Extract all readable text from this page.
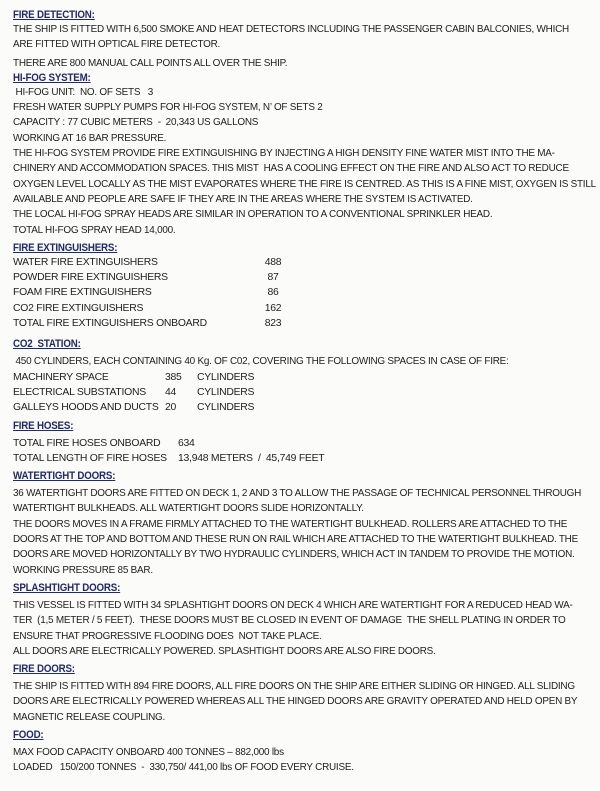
FIRE DETECTION:

THE SHIP IS FITTED WITH 6,500 SMOKE AND HEAT DETECTORS INCLUDING THE PASSENGER CABIN BALCONIES, WHICH

ARE FITTED WITH OPTICAL FIRE DETECTOR.

THERE ARE 800 MANUAL CALL POINTS ALL OVER THE SHIP.

HI-FOG SYSTEM:

HI-FOG UNIT:  NO. OF SETS   3

FRESH WATER SUPPLY PUMPS FOR HI-FOG SYSTEM, N’ OF SETS 2

CAPACITY : 77 CUBIC METERS  -  20,343 US GALLONS

WORKING AT 16 BAR PRESSURE.

THE HI-FOG SYSTEM PROVIDE FIRE EXTINGUISHING BY INJECTING A HIGH DENSITY FINE WATER MIST INTO THE MA-

CHINERY AND ACCOMMODATION SPACES. THIS MIST  HAS A COOLING EFFECT ON THE FIRE AND ALSO ACT TO REDUCE

OXYGEN LEVEL LOCALLY AS THE MIST EVAPORATES WHERE THE FIRE IS CENTRED. AS THIS IS A FINE MIST, OXYGEN IS STILL

AVAILABLE AND PEOPLE ARE SAFE IF THEY ARE IN THE AREAS WHERE THE SYSTEM IS ACTIVATED.

THE LOCAL HI-FOG SPRAY HEADS ARE SIMILAR IN OPERATION TO A CONVENTIONAL SPRINKLER HEAD.

TOTAL HI-FOG SPRAY HEAD 14,000.

FIRE EXTINGUISHERS:

WATER FIRE EXTINGUISHERS	488
POWDER FIRE EXTINGUISHERS	87
FOAM FIRE EXTINGUISHERS	86
CO2 FIRE EXTINGUISHERS	162
TOTAL FIRE EXTINGUISHERS ONBOARD	823

CO2  STATION:

450 CYLINDERS, EACH CONTAINING 40 Kg. OF C02, COVERING THE FOLLOWING SPACES IN CASE OF FIRE:

MACHINERY SPACE	385	CYLINDERS
ELECTRICAL SUBSTATIONS	44	CYLINDERS
GALLEYS HOODS AND DUCTS 20	CYLINDERS

FIRE HOSES:

TOTAL FIRE HOSES ONBOARD	634
TOTAL LENGTH OF FIRE HOSES	13,948 METERS  /  45,749 FEET

WATERTIGHT DOORS:

36 WATERTIGHT DOORS ARE FITTED ON DECK 1, 2 AND 3 TO ALLOW THE PASSAGE OF TECHNICAL PERSONNEL THROUGH

WATERTIGHT BULKHEADS. ALL WATERTIGHT DOORS SLIDE HORIZONTALLY.

THE DOORS MOVES IN A FRAME FIRMLY ATTACHED TO THE WATERTIGHT BULKHEAD. ROLLERS ARE ATTACHED TO THE

DOORS AT THE TOP AND BOTTOM AND THESE RUN ON RAIL WHICH ARE ATTACHED TO THE WATERTIGHT BULKHEAD. THE

DOORS ARE MOVED HORIZONTALLY BY TWO HYDRAULIC CYLINDERS, WHICH ACT IN TANDEM TO PROVIDE THE MOTION.

WORKING PRESSURE 85 BAR.

SPLASHTIGHT DOORS:

THIS VESSEL IS FITTED WITH 34 SPLASHTIGHT DOORS ON DECK 4 WHICH ARE WATERTIGHT FOR A REDUCED HEAD WA-

TER  (1,5 METER / 5 FEET).  THESE DOORS MUST BE CLOSED IN EVENT OF DAMAGE  THE SHELL PLATING IN ORDER TO

ENSURE THAT PROGRESSIVE FLOODING DOES  NOT TAKE PLACE.

ALL DOORS ARE ELECTRICALLY POWERED. SPLASHTIGHT DOORS ARE ALSO FIRE DOORS.

FIRE DOORS:

THE SHIP IS FITTED WITH 894 FIRE DOORS, ALL FIRE DOORS ON THE SHIP ARE EITHER SLIDING OR HINGED. ALL SLIDING

DOORS ARE ELECTRICALLY POWERED WHEREAS ALL THE HINGED DOORS ARE GRAVITY OPERATED AND HELD OPEN BY

MAGNETIC RELEASE COUPLING.

FOOD:

MAX FOOD CAPACITY ONBOARD 400 TONNES – 882,000 lbs

LOADED   150/200 TONNES  -  330,750/ 441,00 lbs OF FOOD EVERY CRUISE.
